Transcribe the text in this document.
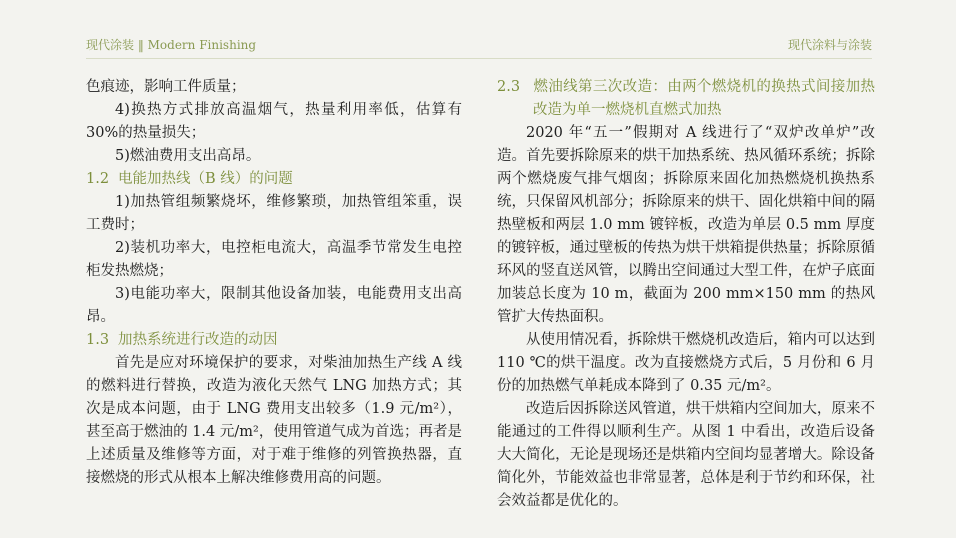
现代涂装 ‖ Modern Finishing	现代涂料与涂装

色痕迹，影响工件质量；

4)换热方式排放高温烟气，热量利用率低，估算有30%的热量损失；

5)燃油费用支出高昂。

1.2 电能加热线（B 线）的问题

1)加热管组频繁烧坏，维修繁琐，加热管组笨重，误工费时；

2)装机功率大，电控柜电流大，高温季节常发生电控柜发热燃烧；

3)电能功率大，限制其他设备加装，电能费用支出高昂。

1.3 加热系统进行改造的动因

首先是应对环境保护的要求，对柴油加热生产线 A 线的燃料进行替换，改造为液化天然气 LNG 加热方式；其次是成本问题，由于 LNG 费用支出较多（1.9 元/m²），甚至高于燃油的 1.4 元/m²，使用管道气成为首选；再者是上述质量及维修等方面，对于难于维修的列管换热器，直接燃烧的形式从根本上解决维修费用高的问题。

2.3 燃油线第三次改造：由两个燃烧机的换热式间接加热改造为单一燃烧机直燃式加热

2020 年“五一”假期对 A 线进行了“双炉改单炉”改造。首先要拆除原来的烘干加热系统、热风循环系统；拆除两个燃烧废气排气烟囱；拆除原来固化加热燃烧机换热系统，只保留风机部分；拆除原来的烘干、固化烘箱中间的隔热壁板和两层 1.0 mm 镀锌板，改造为单层 0.5 mm 厚度的镀锌板，通过壁板的传热为烘干烘箱提供热量；拆除原循环风的竖直送风管，以腾出空间通过大型工件，在炉子底面加装总长度为 10 m，截面为 200 mm×150 mm 的热风管扩大传热面积。

从使用情况看，拆除烘干燃烧机改造后，箱内可以达到 110 ℃的烘干温度。改为直接燃烧方式后，5 月份和 6 月份的加热燃气单耗成本降到了 0.35 元/m²。

改造后因拆除送风管道，烘干烘箱内空间加大，原来不能通过的工件得以顺利生产。从图 1 中看出，改造后设备大大简化，无论是现场还是烘箱内空间均显著增大。除设备简化外，节能效益也非常显著，总体是利于节约和环保，社会效益都是优化的。
